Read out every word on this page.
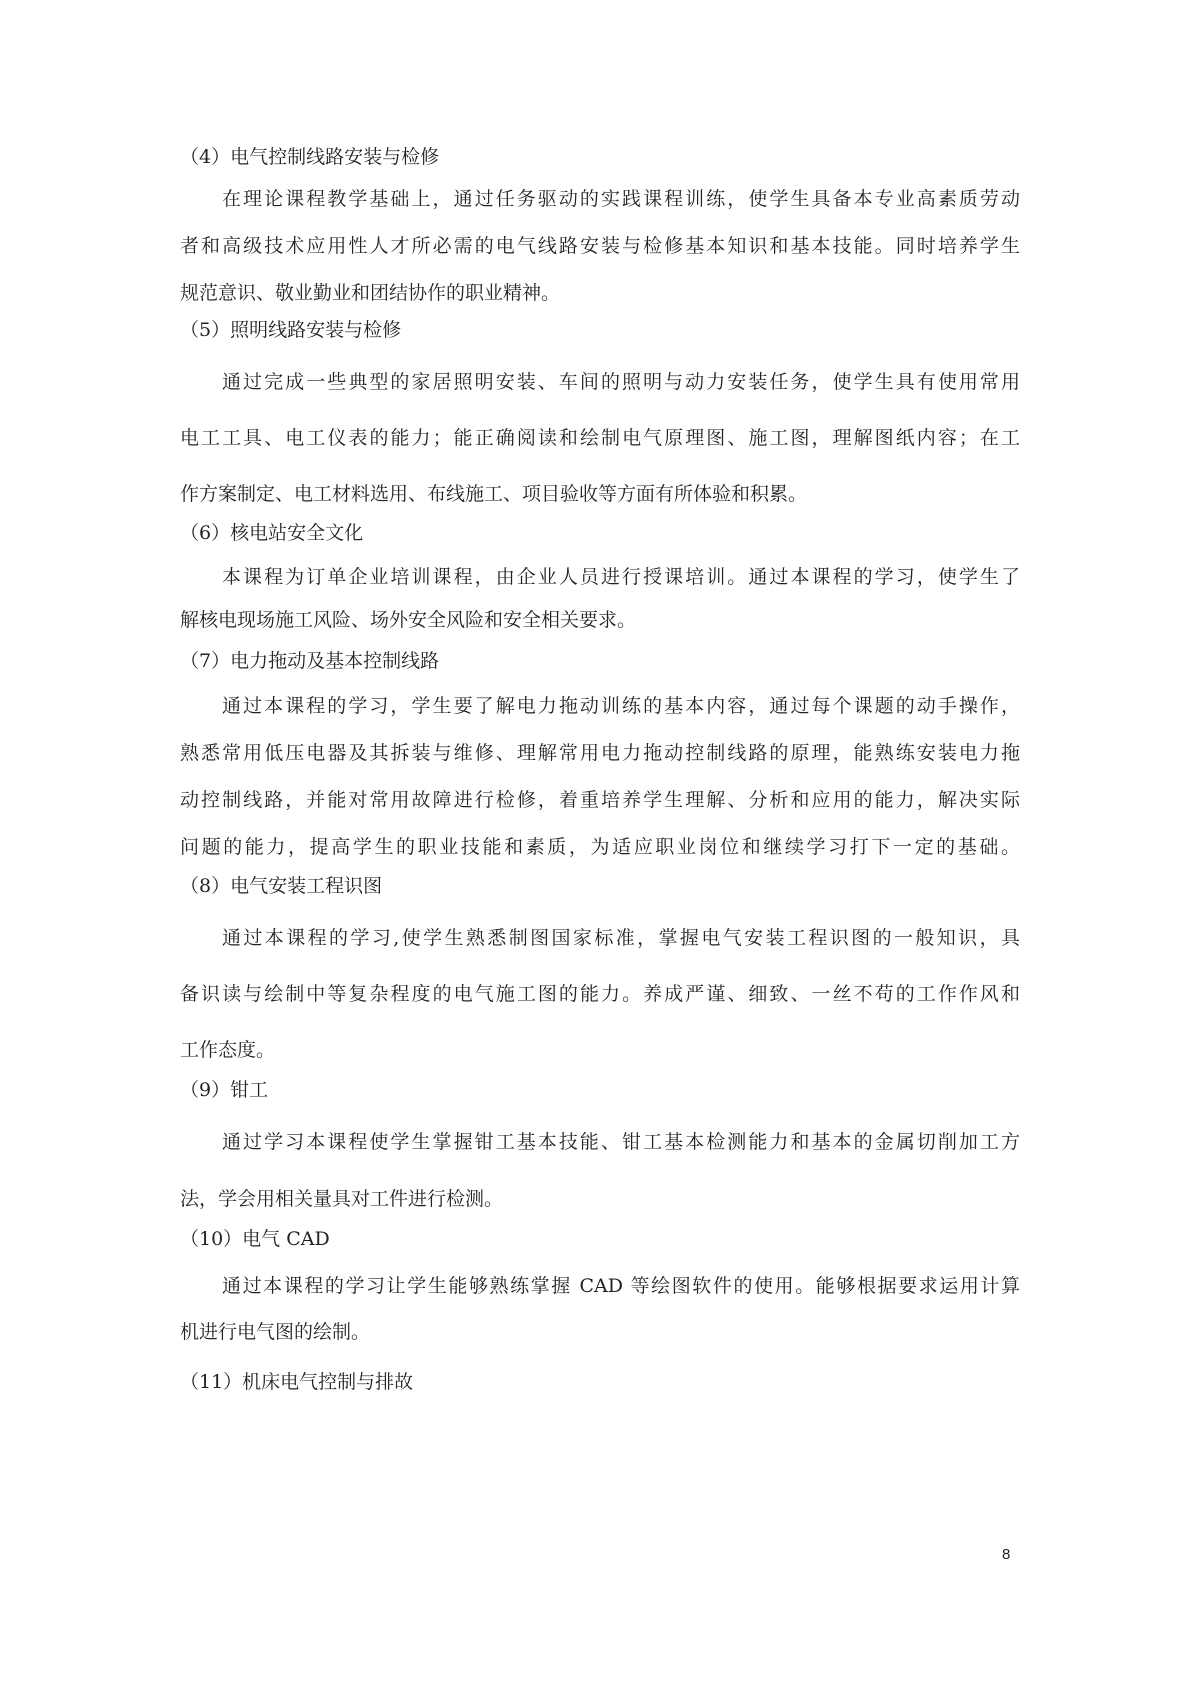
（4）电气控制线路安装与检修
在理论课程教学基础上，通过任务驱动的实践课程训练，使学生具备本专业高素质劳动
者和高级技术应用性人才所必需的电气线路安装与检修基本知识和基本技能。同时培养学生
规范意识、敬业勤业和团结协作的职业精神。
（5）照明线路安装与检修
通过完成一些典型的家居照明安装、车间的照明与动力安装任务，使学生具有使用常用
电工工具、电工仪表的能力；能正确阅读和绘制电气原理图、施工图，理解图纸内容；在工
作方案制定、电工材料选用、布线施工、项目验收等方面有所体验和积累。
（6）核电站安全文化
本课程为订单企业培训课程，由企业人员进行授课培训。通过本课程的学习，使学生了
解核电现场施工风险、场外安全风险和安全相关要求。
（7）电力拖动及基本控制线路
通过本课程的学习，学生要了解电力拖动训练的基本内容，通过每个课题的动手操作，
熟悉常用低压电器及其拆装与维修、理解常用电力拖动控制线路的原理，能熟练安装电力拖
动控制线路，并能对常用故障进行检修，着重培养学生理解、分析和应用的能力，解决实际
问题的能力，提高学生的职业技能和素质，为适应职业岗位和继续学习打下一定的基础。
（8）电气安装工程识图
通过本课程的学习,使学生熟悉制图国家标准，掌握电气安装工程识图的一般知识，具
备识读与绘制中等复杂程度的电气施工图的能力。养成严谨、细致、一丝不苟的工作作风和
工作态度。
（9）钳工
通过学习本课程使学生掌握钳工基本技能、钳工基本检测能力和基本的金属切削加工方
法，学会用相关量具对工件进行检测。
（10）电气 CAD
通过本课程的学习让学生能够熟练掌握 CAD 等绘图软件的使用。能够根据要求运用计算
机进行电气图的绘制。
（11）机床电气控制与排故
8
